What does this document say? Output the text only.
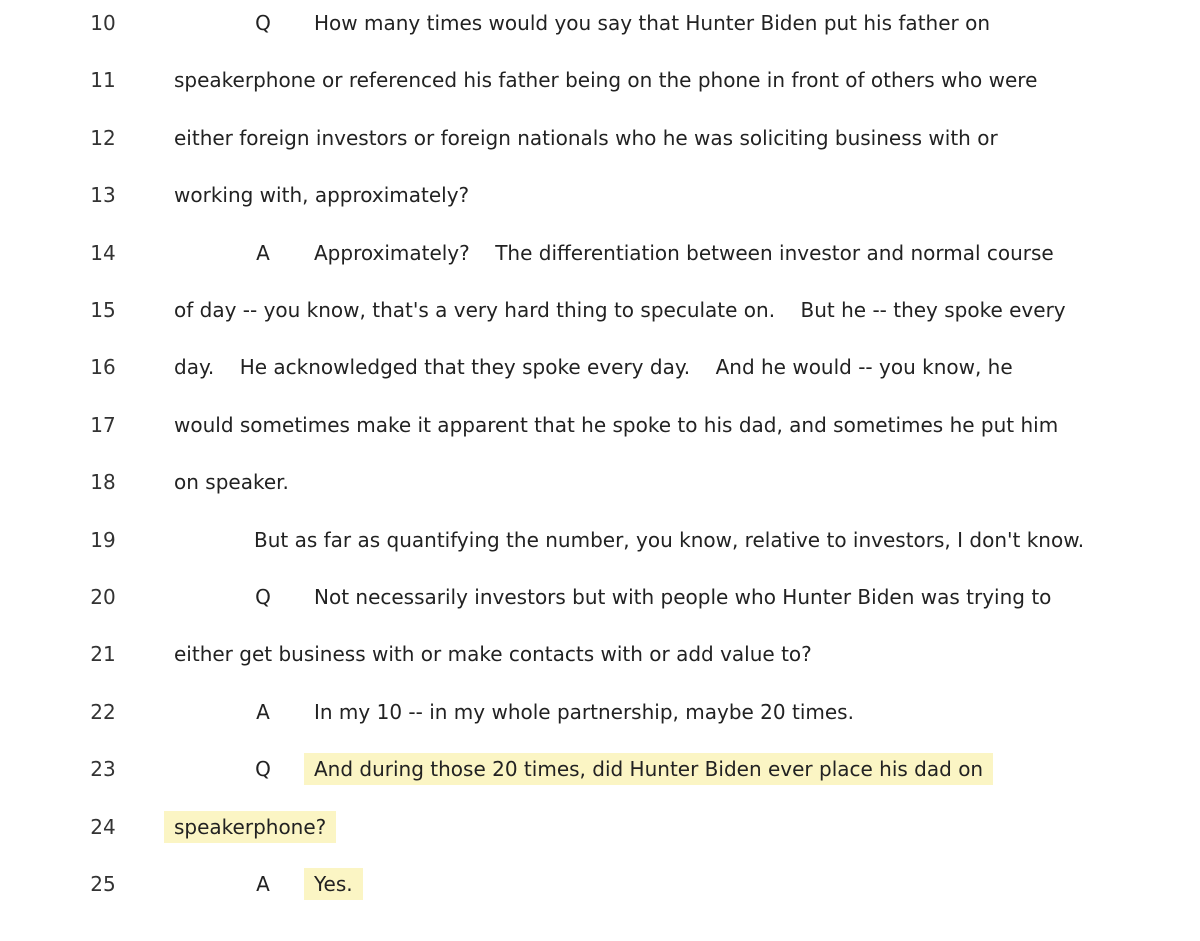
10	Q How many times would you say that Hunter Biden put his father on
11	speakerphone or referenced his father being on the phone in front of others who were
12	either foreign investors or foreign nationals who he was soliciting business with or
13	working with, approximately?
14	A Approximately?    The differentiation between investor and normal course
15	of day -- you know, that's a very hard thing to speculate on.    But he -- they spoke every
16	day.    He acknowledged that they spoke every day.    And he would -- you know, he
17	would sometimes make it apparent that he spoke to his dad, and sometimes he put him
18	on speaker.
19	But as far as quantifying the number, you know, relative to investors, I don't know.
20	Q Not necessarily investors but with people who Hunter Biden was trying to
21	either get business with or make contacts with or add value to?
22	A In my 10 -- in my whole partnership, maybe 20 times.
23	Q And during those 20 times, did Hunter Biden ever place his dad on
24	speakerphone?
25	A Yes.
